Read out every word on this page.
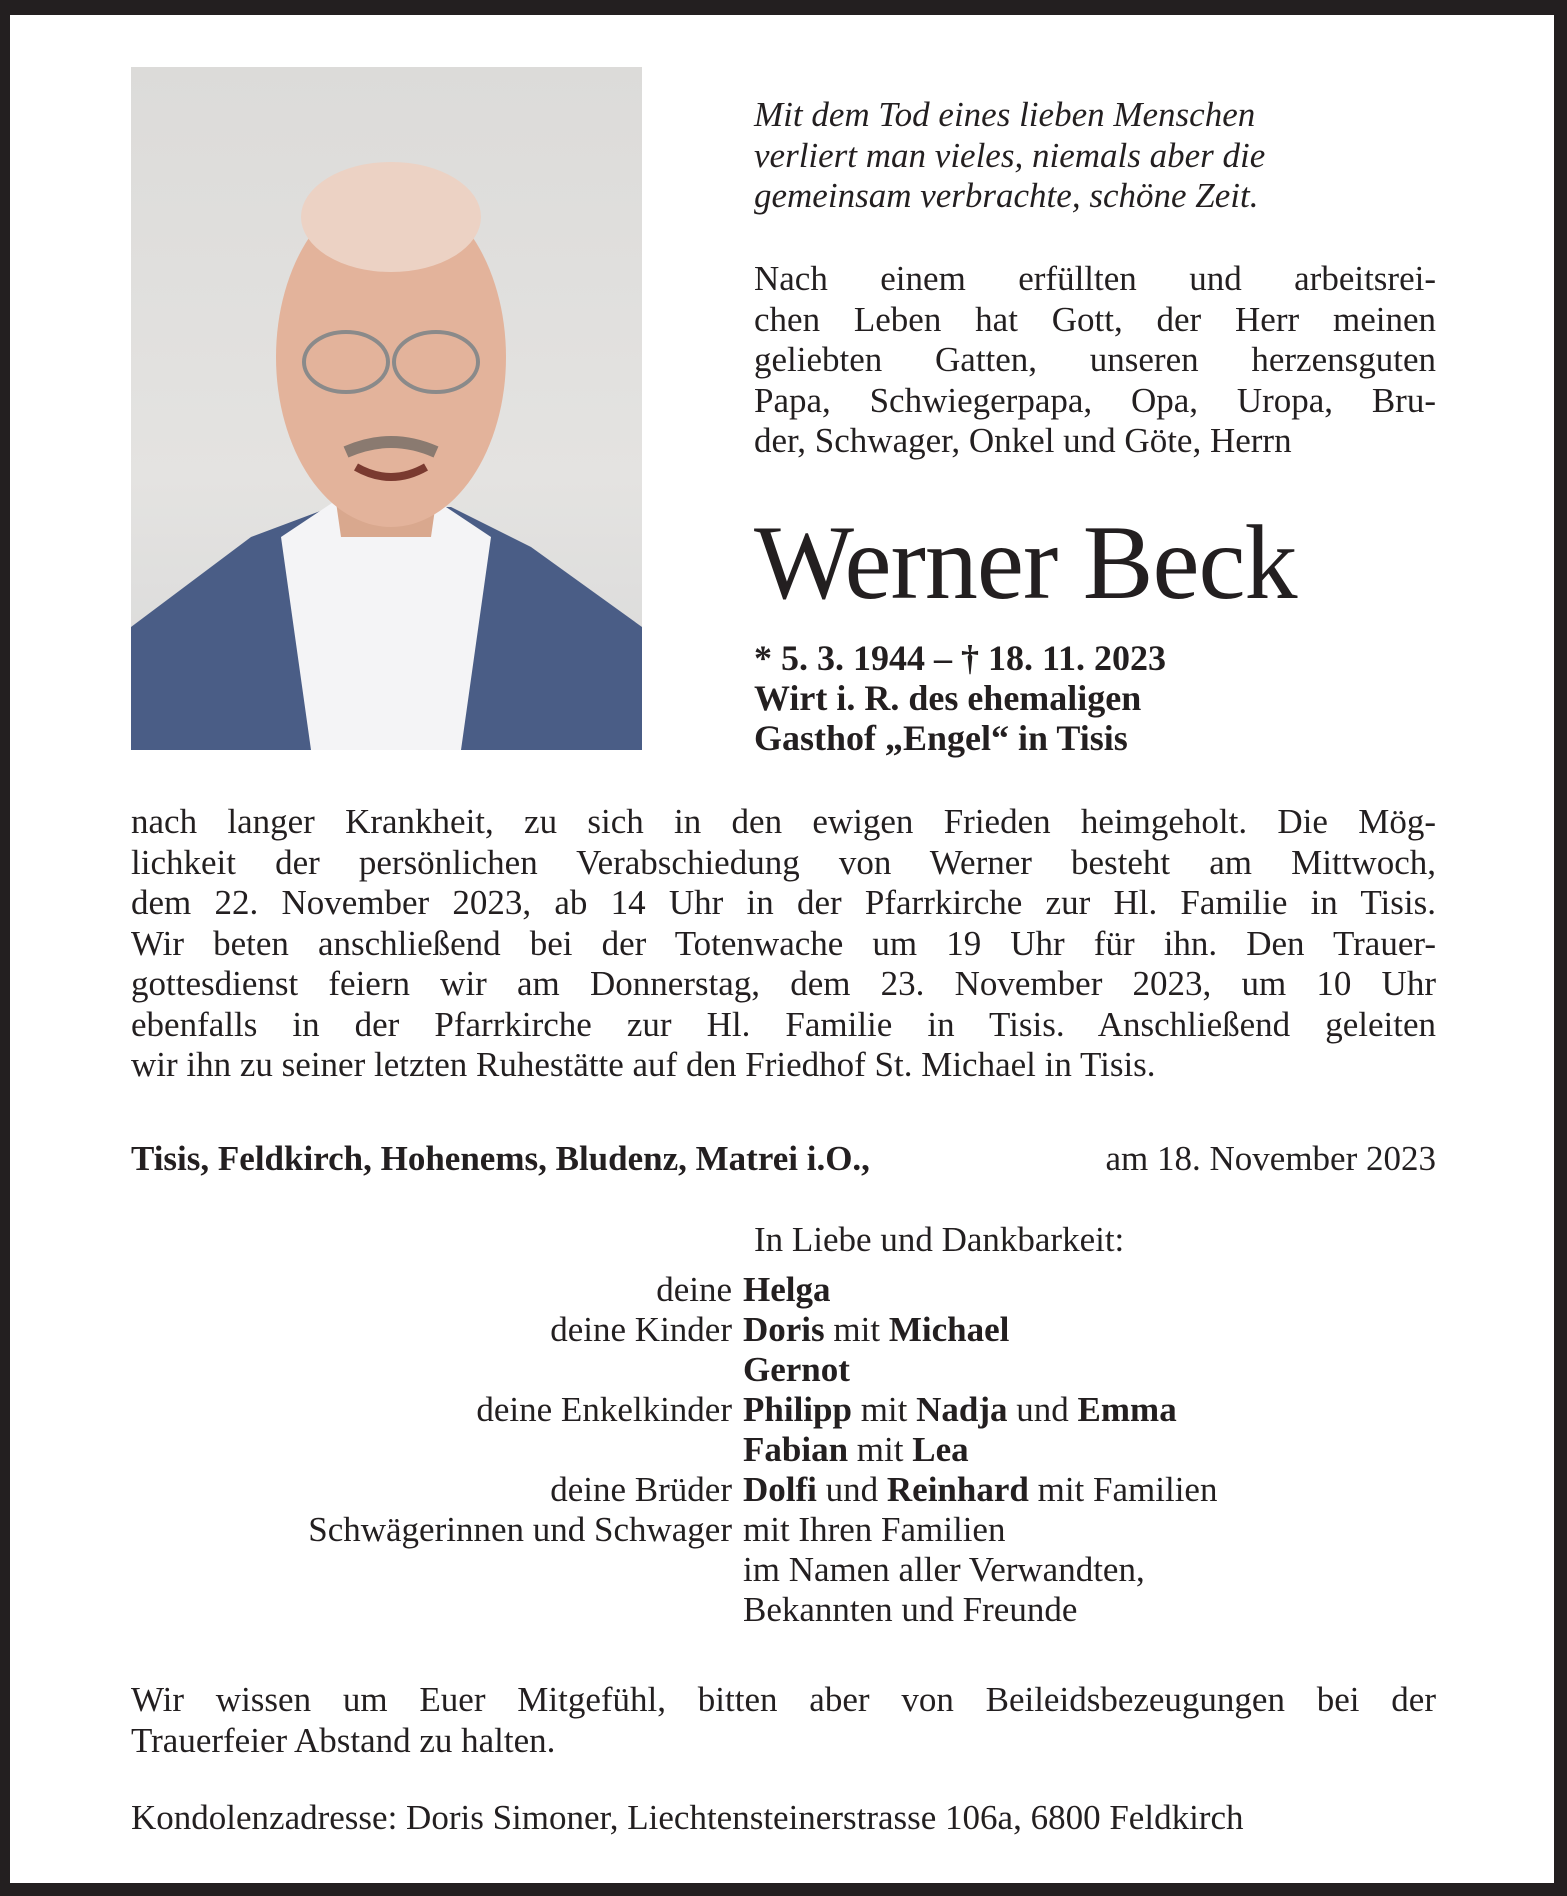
Mit dem Tod eines lieben Menschen
verliert man vieles, niemals aber die
gemeinsam verbrachte, schöne Zeit.
Nach einem erfüllten und arbeitsrei-
chen Leben hat Gott, der Herr meinen
geliebten Gatten, unseren herzensguten
Papa, Schwiegerpapa, Opa, Uropa, Bru-
der, Schwager, Onkel und Göte, Herrn
Werner Beck
* 5. 3. 1944 – † 18. 11. 2023
Wirt i. R. des ehemaligen
Gasthof „Engel“ in Tisis
nach langer Krankheit, zu sich in den ewigen Frieden heimgeholt. Die Mög-
lichkeit der persönlichen Verabschiedung von Werner besteht am Mittwoch,
dem 22. November 2023, ab 14 Uhr in der Pfarrkirche zur Hl. Familie in Tisis.
Wir beten anschließend bei der Totenwache um 19 Uhr für ihn. Den Trauer-
gottesdienst feiern wir am Donnerstag, dem 23. November 2023, um 10 Uhr
ebenfalls in der Pfarrkirche zur Hl. Familie in Tisis. Anschließend geleiten
wir ihn zu seiner letzten Ruhestätte auf den Friedhof St. Michael in Tisis.
Tisis, Feldkirch, Hohenems, Bludenz, Matrei i.O.,	am 18. November 2023
In Liebe und Dankbarkeit:
deine Helga
deine Kinder Doris mit Michael
Gernot
deine Enkelkinder Philipp mit Nadja und Emma
Fabian mit Lea
deine Brüder Dolfi und Reinhard mit Familien
Schwägerinnen und Schwager mit Ihren Familien
im Namen aller Verwandten,
Bekannten und Freunde
Wir wissen um Euer Mitgefühl, bitten aber von Beileidsbezeugungen bei der
Trauerfeier Abstand zu halten.
Kondolenzadresse: Doris Simoner, Liechtensteinerstrasse 106a, 6800 Feldkirch
